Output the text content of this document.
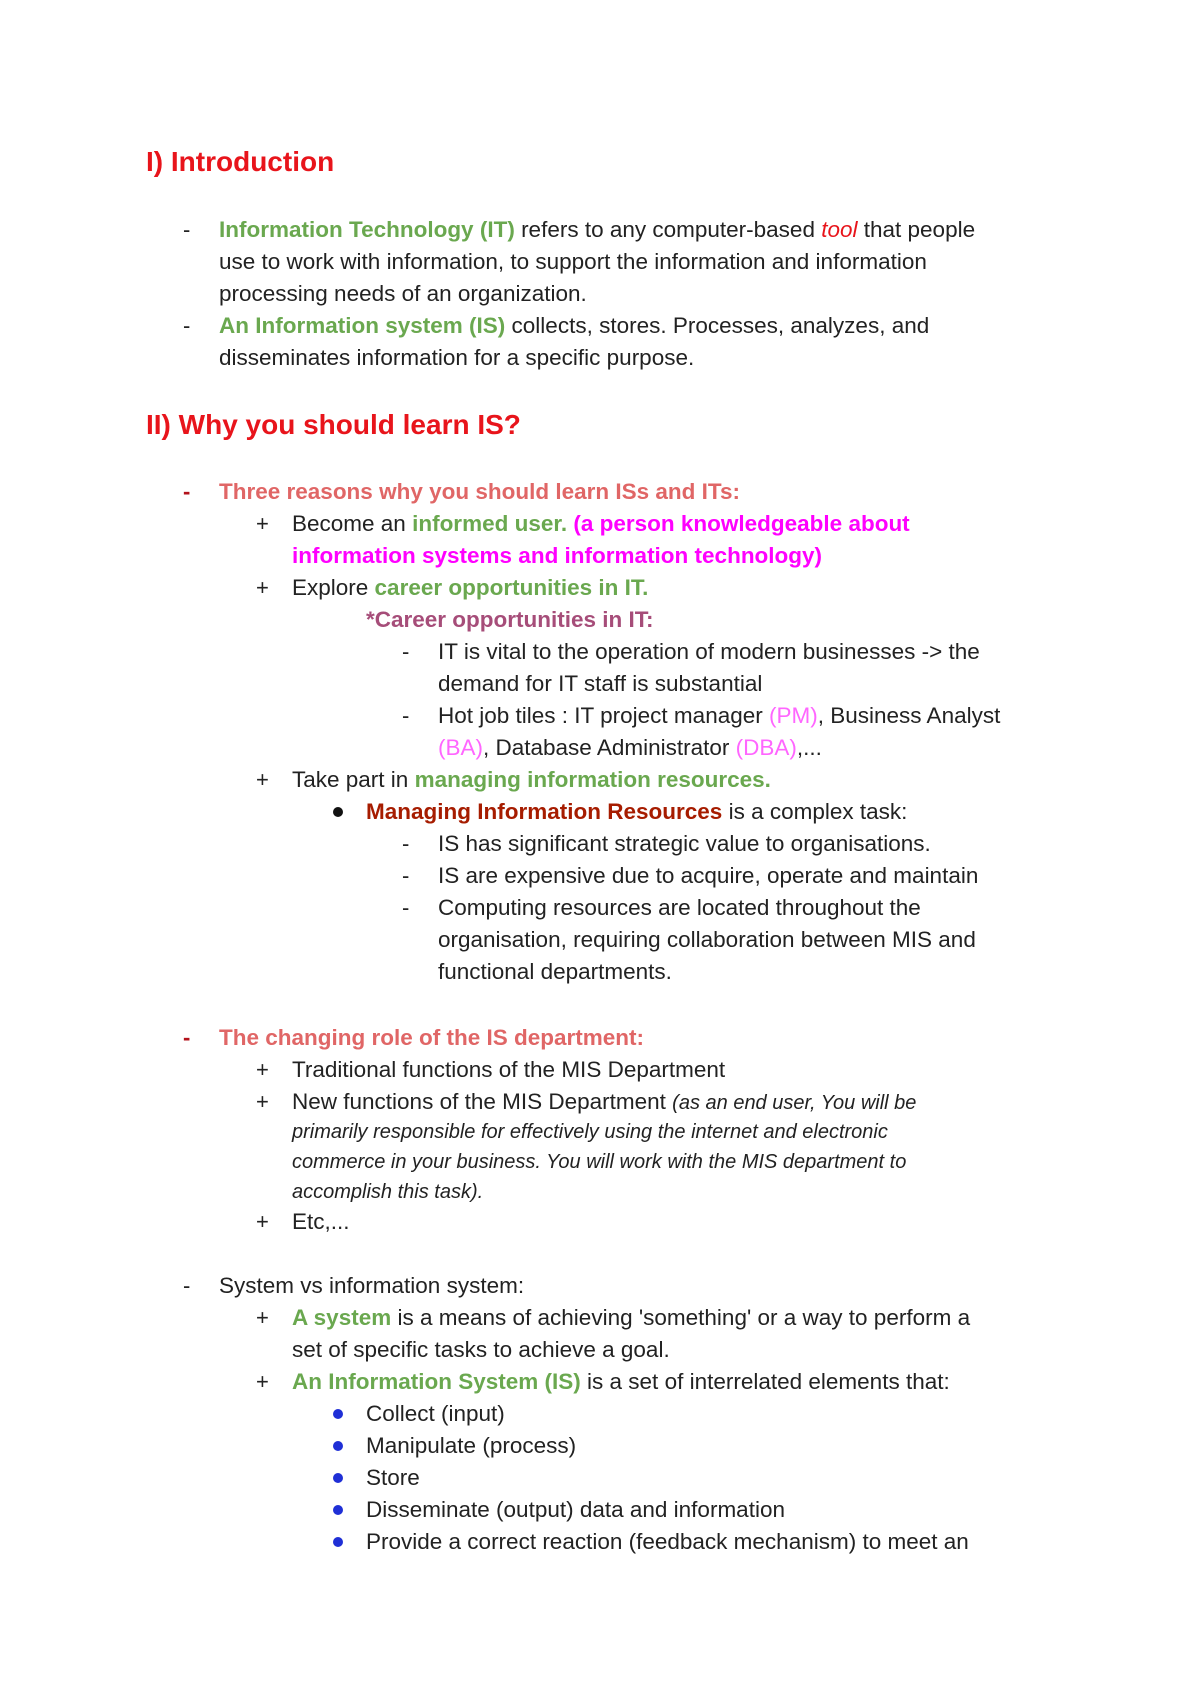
I) Introduction
- Information Technology (IT) refers to any computer-based tool that people
use to work with information, to support the information and information
processing needs of an organization.
- An Information system (IS) collects, stores. Processes, analyzes, and
disseminates information for a specific purpose.
II) Why you should learn IS?
- Three reasons why you should learn ISs and ITs:
+ Become an informed user. (a person knowledgeable about
information systems and information technology)
+ Explore career opportunities in IT.
*Career opportunities in IT:
- IT is vital to the operation of modern businesses -> the
demand for IT staff is substantial
- Hot job tiles : IT project manager (PM), Business Analyst
(BA), Database Administrator (DBA),...
+ Take part in managing information resources.
Managing Information Resources is a complex task:
- IS has significant strategic value to organisations.
- IS are expensive due to acquire, operate and maintain
- Computing resources are located throughout the
organisation, requiring collaboration between MIS and
functional departments.
- The changing role of the IS department:
+ Traditional functions of the MIS Department
+ New functions of the MIS Department (as an end user, You will be
primarily responsible for effectively using the internet and electronic
commerce in your business. You will work with the MIS department to
accomplish this task).
+ Etc,...
- System vs information system:
+ A system is a means of achieving 'something' or a way to perform a
set of specific tasks to achieve a goal.
+ An Information System (IS) is a set of interrelated elements that:
Collect (input)
Manipulate (process)
Store
Disseminate (output) data and information
Provide a correct reaction (feedback mechanism) to meet an
